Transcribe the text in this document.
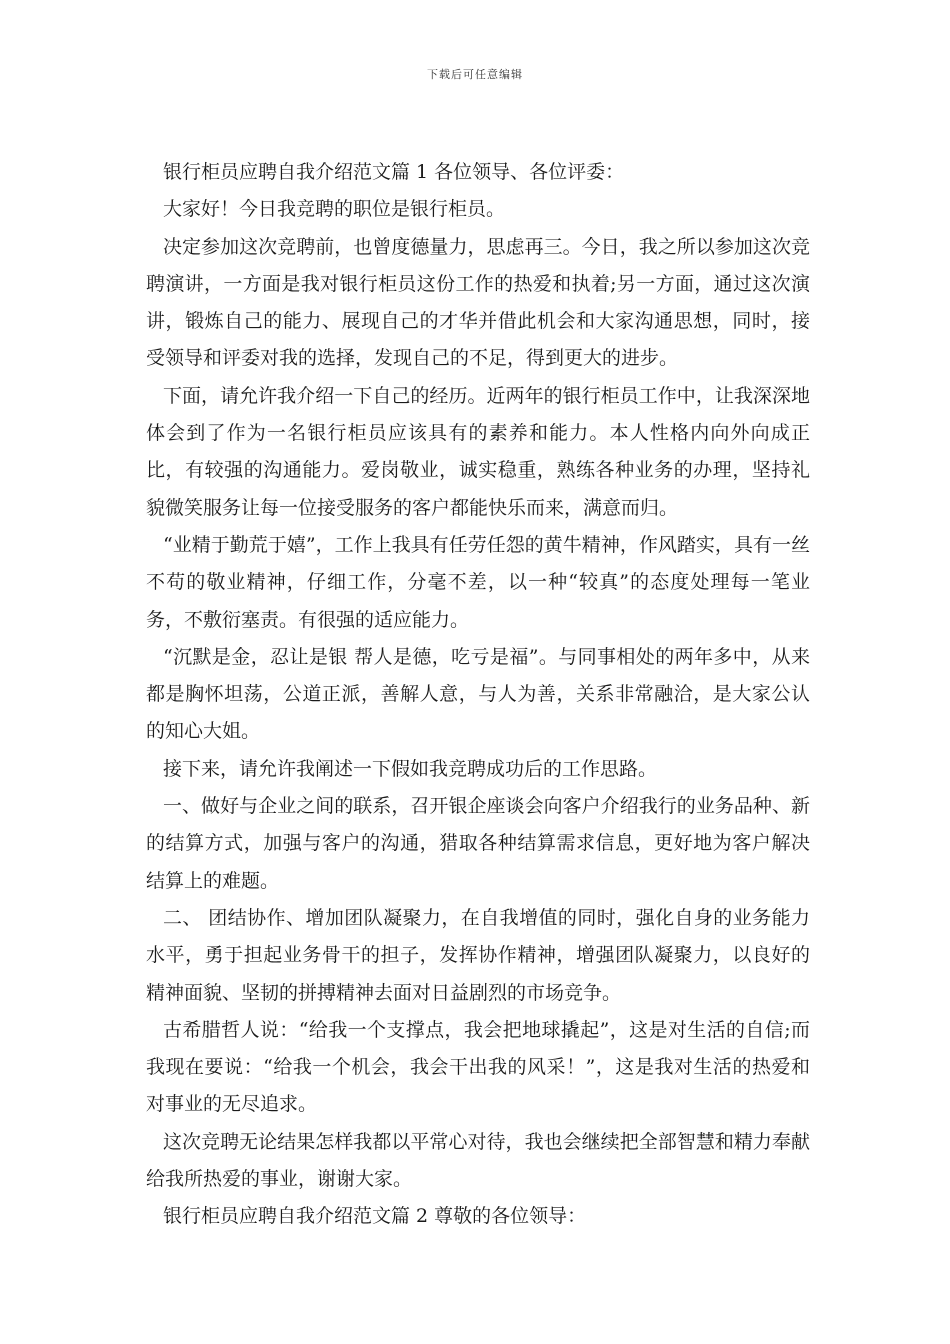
下载后可任意编辑

银行柜员应聘自我介绍范文篇 1 各位领导、各位评委：

大家好！今日我竞聘的职位是银行柜员。

决定参加这次竞聘前，也曾度德量力，思虑再三。今日，我之所以参加这次竞聘演讲，一方面是我对银行柜员这份工作的热爱和执着;另一方面，通过这次演讲，锻炼自己的能力、展现自己的才华并借此机会和大家沟通思想，同时，接受领导和评委对我的选择，发现自己的不足，得到更大的进步。

下面，请允许我介绍一下自己的经历。近两年的银行柜员工作中，让我深深地体会到了作为一名银行柜员应该具有的素养和能力。本人性格内向外向成正比，有较强的沟通能力。爱岗敬业，诚实稳重，熟练各种业务的办理，坚持礼貌微笑服务让每一位接受服务的客户都能快乐而来，满意而归。

“业精于勤荒于嬉”，工作上我具有任劳任怨的黄牛精神，作风踏实，具有一丝不苟的敬业精神，仔细工作，分毫不差，以一种“较真”的态度处理每一笔业务，不敷衍塞责。有很强的适应能力。

“沉默是金，忍让是银 帮人是德，吃亏是福”。与同事相处的两年多中，从来都是胸怀坦荡，公道正派，善解人意，与人为善，关系非常融洽，是大家公认的知心大姐。

接下来，请允许我阐述一下假如我竞聘成功后的工作思路。

一、做好与企业之间的联系，召开银企座谈会向客户介绍我行的业务品种、新的结算方式，加强与客户的沟通，猎取各种结算需求信息，更好地为客户解决结算上的难题。

二、 团结协作、增加团队凝聚力，在自我增值的同时，强化自身的业务能力水平，勇于担起业务骨干的担子，发挥协作精神，增强团队凝聚力，以良好的精神面貌、坚韧的拼搏精神去面对日益剧烈的市场竞争。

古希腊哲人说：“给我一个支撑点，我会把地球撬起”，这是对生活的自信;而我现在要说：“给我一个机会，我会干出我的风采！”，这是我对生活的热爱和对事业的无尽追求。

这次竞聘无论结果怎样我都以平常心对待，我也会继续把全部智慧和精力奉献给我所热爱的事业，谢谢大家。

银行柜员应聘自我介绍范文篇 2 尊敬的各位领导：
